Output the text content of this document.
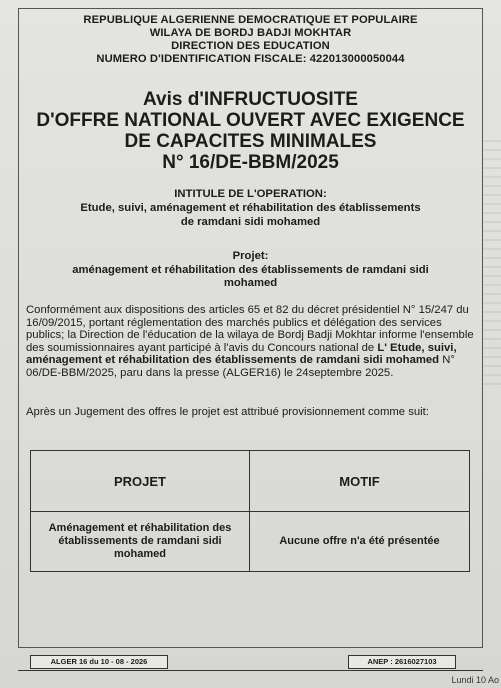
REPUBLIQUE ALGERIENNE DEMOCRATIQUE ET POPULAIRE
WILAYA DE BORDJ BADJI MOKHTAR
DIRECTION DES EDUCATION
NUMERO D'IDENTIFICATION FISCALE: 422013000050044
Avis d'INFRUCTUOSITE
D'OFFRE NATIONAL OUVERT AVEC EXIGENCE
DE CAPACITES MINIMALES
N° 16/DE-BBM/2025
INTITULE DE L'OPERATION:
Etude, suivi, aménagement et réhabilitation des établissements
de ramdani sidi mohamed
Projet:
aménagement et réhabilitation des établissements de ramdani sidi
mohamed
Conformément aux dispositions des articles 65 et 82 du décret présidentiel N° 15/247 du 16/09/2015, portant réglementation des marchés publics et délégation des services publics; la Direction de l'éducation de la wilaya de Bordj Badji Mokhtar informe l'ensemble des soumissionnaires ayant participé à l'avis du Concours national de L' Etude, suivi, aménagement et réhabilitation des établissements de ramdani sidi mohamed N° 06/DE-BBM/2025, paru dans la presse (ALGER16) le 24septembre 2025.
Après un Jugement des offres le projet est attribué provisionnement comme suit:
PROJET
Aménagement et réhabilitation des établissements de ramdani sidi mohamed
MOTIF
Aucune offre n'a été présentée
ALGER 16 du 10 - 08 - 2026	ANEP : 2616027103
Lundi 10 Ao
